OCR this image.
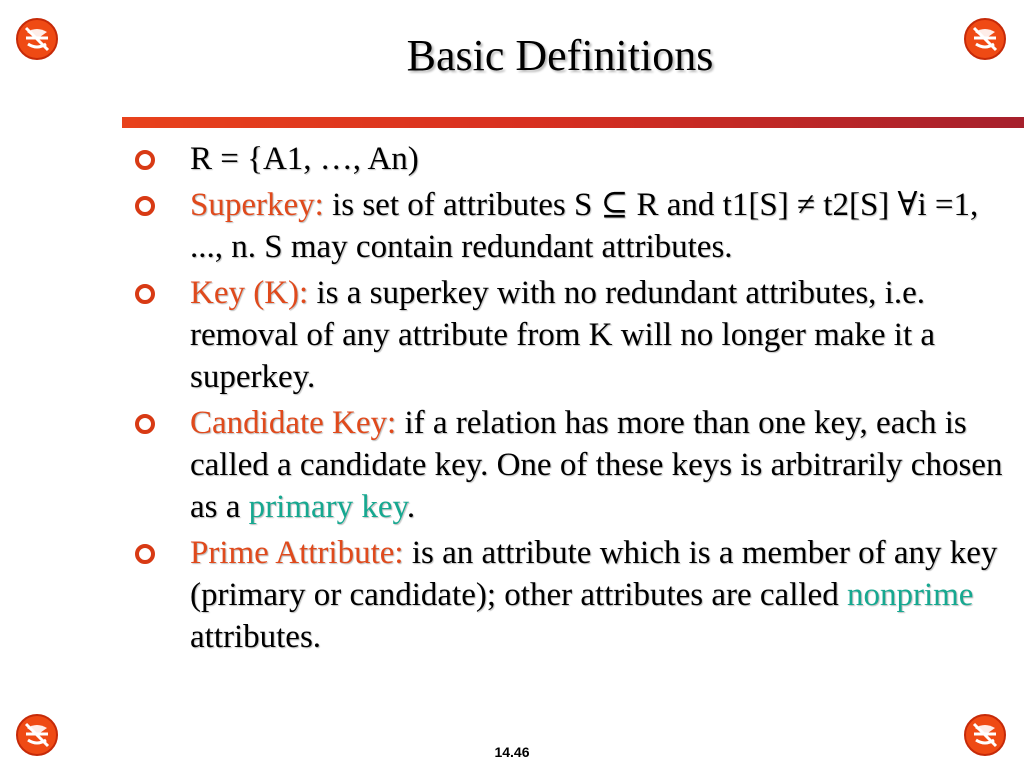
Basic Definitions
R = {A1, …, An)
Superkey: is set of attributes S ⊆ R and t1[S] ≠ t2[S] ∀i =1, ..., n. S may contain redundant attributes.
Key (K): is a superkey with no redundant attributes, i.e. removal of any attribute from K will no longer make it a superkey.
Candidate Key: if a relation has more than one key, each is called a candidate key. One of these keys is arbitrarily chosen as a primary key.
Prime Attribute: is an attribute which is a member of any key (primary or candidate); other attributes are called nonprime attributes.
14.46
